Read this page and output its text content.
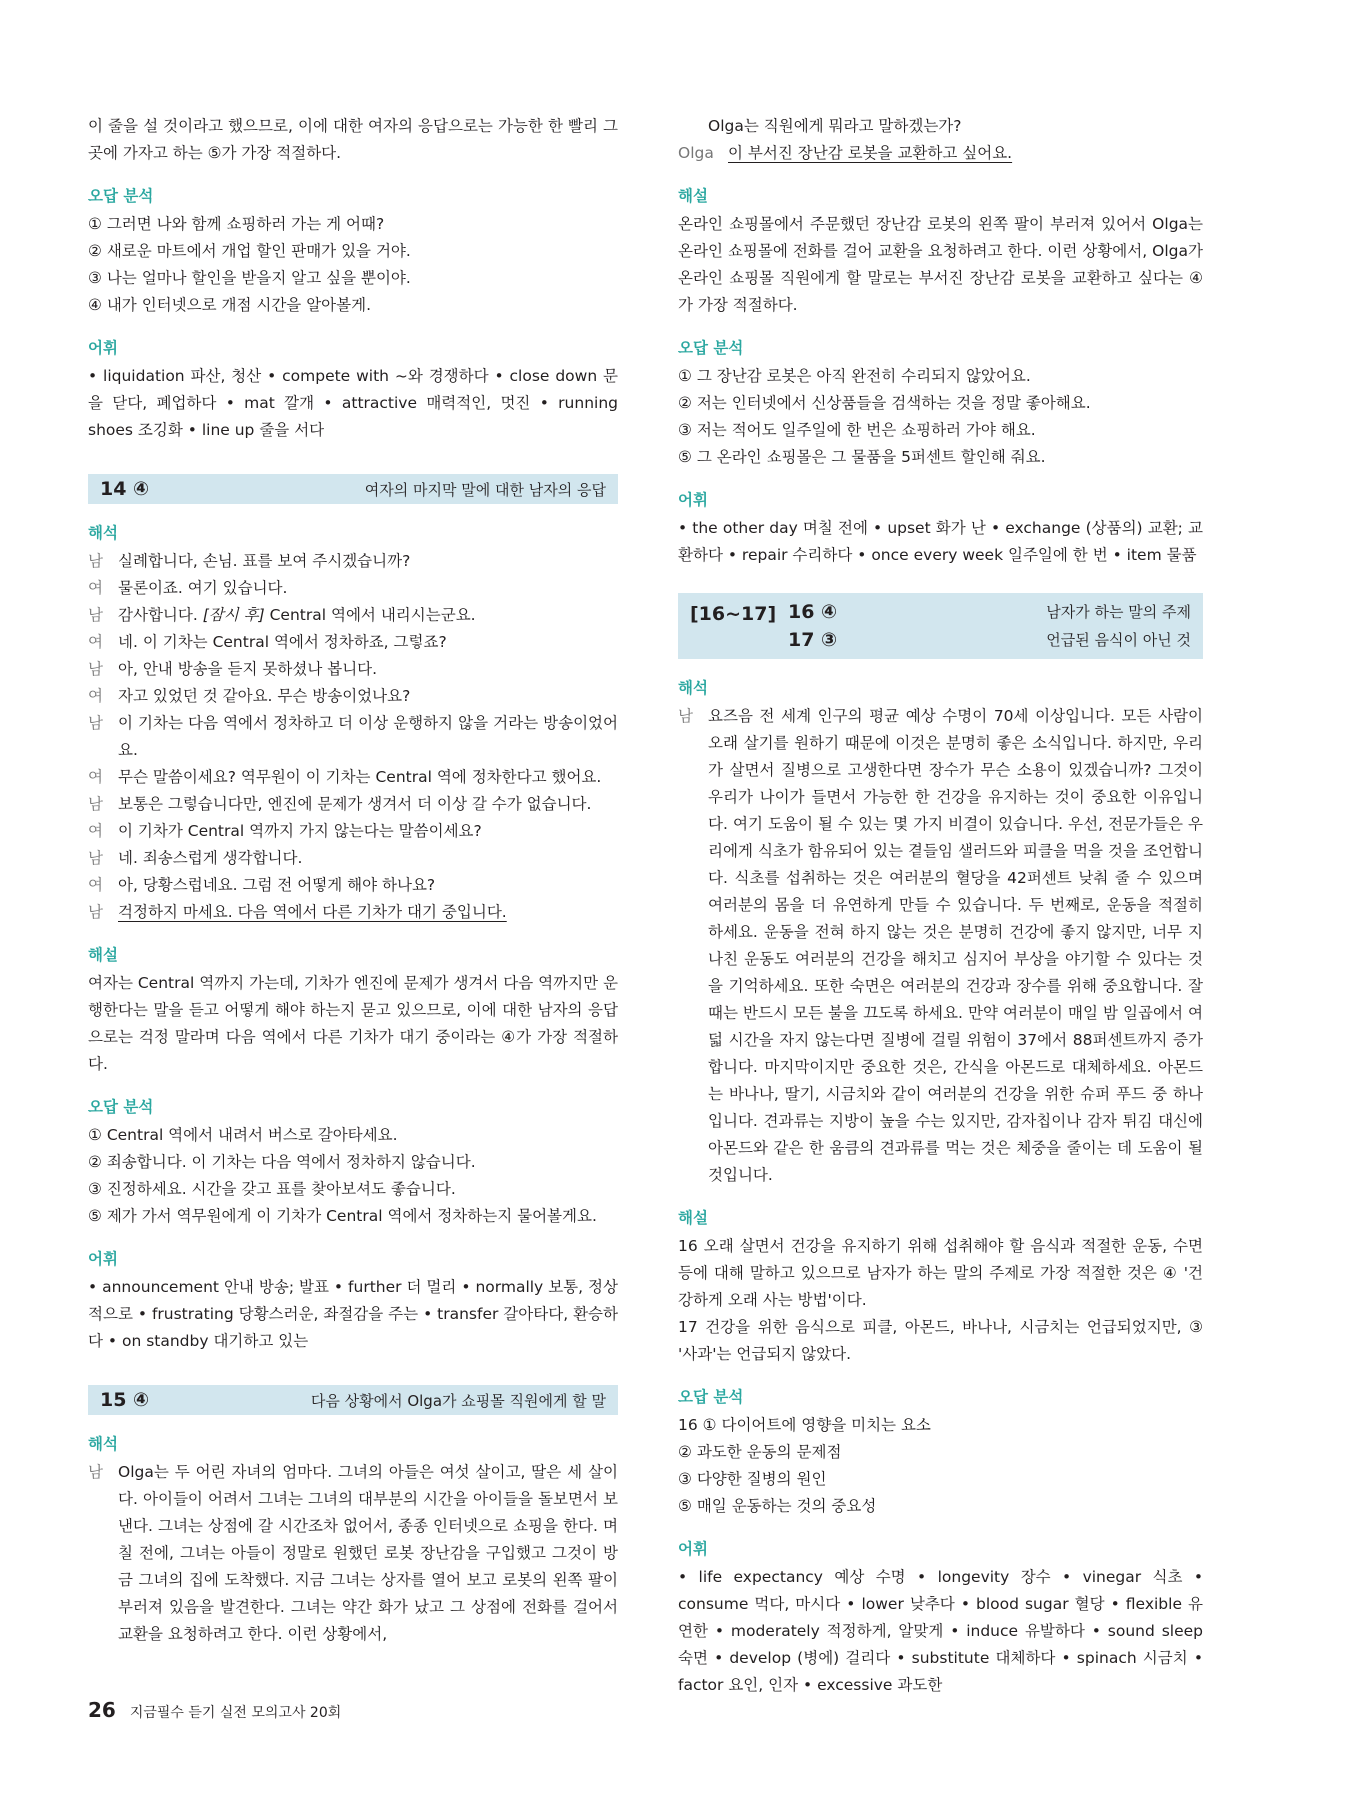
이 줄을 설 것이라고 했으므로, 이에 대한 여자의 응답으로는 가능한 한 빨리 그곳에 가자고 하는 ⑤가 가장 적절하다.

오답 분석

① 그러면 나와 함께 쇼핑하러 가는 게 어때?

② 새로운 마트에서 개업 할인 판매가 있을 거야.

③ 나는 얼마나 할인을 받을지 알고 싶을 뿐이야.

④ 내가 인터넷으로 개점 시간을 알아볼게.

어휘

• liquidation 파산, 청산 • compete with ~와 경쟁하다 • close down 문을 닫다, 폐업하다 • mat 깔개 • attractive 매력적인, 멋진 • running shoes 조깅화 • line up 줄을 서다

14 ④	여자의 마지막 말에 대한 남자의 응답
해석
남 실례합니다, 손님. 표를 보여 주시겠습니까?
여 물론이죠. 여기 있습니다.
남 감사합니다. [잠시 후] Central 역에서 내리시는군요.
여 네. 이 기차는 Central 역에서 정차하죠, 그렇죠?
남 아, 안내 방송을 듣지 못하셨나 봅니다.
여 자고 있었던 것 같아요. 무슨 방송이었나요?
남 이 기차는 다음 역에서 정차하고 더 이상 운행하지 않을 거라는 방송이었어요.
여 무슨 말씀이세요? 역무원이 이 기차는 Central 역에 정차한다고 했어요.
남 보통은 그렇습니다만, 엔진에 문제가 생겨서 더 이상 갈 수가 없습니다.
여 이 기차가 Central 역까지 가지 않는다는 말씀이세요?
남 네. 죄송스럽게 생각합니다.
여 아, 당황스럽네요. 그럼 전 어떻게 해야 하나요?
남 걱정하지 마세요. 다음 역에서 다른 기차가 대기 중입니다.
해설

여자는 Central 역까지 가는데, 기차가 엔진에 문제가 생겨서 다음 역까지만 운행한다는 말을 듣고 어떻게 해야 하는지 묻고 있으므로, 이에 대한 남자의 응답으로는 걱정 말라며 다음 역에서 다른 기차가 대기 중이라는 ④가 가장 적절하다.

오답 분석

① Central 역에서 내려서 버스로 갈아타세요.

② 죄송합니다. 이 기차는 다음 역에서 정차하지 않습니다.

③ 진정하세요. 시간을 갖고 표를 찾아보셔도 좋습니다.

⑤ 제가 가서 역무원에게 이 기차가 Central 역에서 정차하는지 물어볼게요.

어휘

• announcement 안내 방송; 발표 • further 더 멀리 • normally 보통, 정상적으로 • frustrating 당황스러운, 좌절감을 주는 • transfer 갈아타다, 환승하다 • on standby 대기하고 있는

15 ④	다음 상황에서 Olga가 쇼핑몰 직원에게 할 말
해석
남 Olga는 두 어린 자녀의 엄마다. 그녀의 아들은 여섯 살이고, 딸은 세 살이다. 아이들이 어려서 그녀는 그녀의 대부분의 시간을 아이들을 돌보면서 보낸다. 그녀는 상점에 갈 시간조차 없어서, 종종 인터넷으로 쇼핑을 한다. 며칠 전에, 그녀는 아들이 정말로 원했던 로봇 장난감을 구입했고 그것이 방금 그녀의 집에 도착했다. 지금 그녀는 상자를 열어 보고 로봇의 왼쪽 팔이 부러져 있음을 발견한다. 그녀는 약간 화가 났고 그 상점에 전화를 걸어서 교환을 요청하려고 한다. 이런 상황에서,
Olga는 직원에게 뭐라고 말하겠는가?
Olga 이 부서진 장난감 로봇을 교환하고 싶어요.
해설

온라인 쇼핑몰에서 주문했던 장난감 로봇의 왼쪽 팔이 부러져 있어서 Olga는 온라인 쇼핑몰에 전화를 걸어 교환을 요청하려고 한다. 이런 상황에서, Olga가 온라인 쇼핑몰 직원에게 할 말로는 부서진 장난감 로봇을 교환하고 싶다는 ④가 가장 적절하다.

오답 분석

① 그 장난감 로봇은 아직 완전히 수리되지 않았어요.

② 저는 인터넷에서 신상품들을 검색하는 것을 정말 좋아해요.

③ 저는 적어도 일주일에 한 번은 쇼핑하러 가야 해요.

⑤ 그 온라인 쇼핑몰은 그 물품을 5퍼센트 할인해 줘요.

어휘

• the other day 며칠 전에 • upset 화가 난 • exchange (상품의) 교환; 교환하다 • repair 수리하다 • once every week 일주일에 한 번 • item 물품

[16~17] 16 ④	남자가 하는 말의 주제
17 ③	언급된 음식이 아닌 것
해석
남 요즈음 전 세계 인구의 평균 예상 수명이 70세 이상입니다. 모든 사람이 오래 살기를 원하기 때문에 이것은 분명히 좋은 소식입니다. 하지만, 우리가 살면서 질병으로 고생한다면 장수가 무슨 소용이 있겠습니까? 그것이 우리가 나이가 들면서 가능한 한 건강을 유지하는 것이 중요한 이유입니다. 여기 도움이 될 수 있는 몇 가지 비결이 있습니다. 우선, 전문가들은 우리에게 식초가 함유되어 있는 곁들임 샐러드와 피클을 먹을 것을 조언합니다. 식초를 섭취하는 것은 여러분의 혈당을 42퍼센트 낮춰 줄 수 있으며 여러분의 몸을 더 유연하게 만들 수 있습니다. 두 번째로, 운동을 적절히 하세요. 운동을 전혀 하지 않는 것은 분명히 건강에 좋지 않지만, 너무 지나친 운동도 여러분의 건강을 해치고 심지어 부상을 야기할 수 있다는 것을 기억하세요. 또한 숙면은 여러분의 건강과 장수를 위해 중요합니다. 잘 때는 반드시 모든 불을 끄도록 하세요. 만약 여러분이 매일 밤 일곱에서 여덟 시간을 자지 않는다면 질병에 걸릴 위험이 37에서 88퍼센트까지 증가합니다. 마지막이지만 중요한 것은, 간식을 아몬드로 대체하세요. 아몬드는 바나나, 딸기, 시금치와 같이 여러분의 건강을 위한 슈퍼 푸드 중 하나입니다. 견과류는 지방이 높을 수는 있지만, 감자칩이나 감자 튀김 대신에 아몬드와 같은 한 움큼의 견과류를 먹는 것은 체중을 줄이는 데 도움이 될 것입니다.
해설

16 오래 살면서 건강을 유지하기 위해 섭취해야 할 음식과 적절한 운동, 수면 등에 대해 말하고 있으므로 남자가 하는 말의 주제로 가장 적절한 것은 ④ '건강하게 오래 사는 방법'이다.

17 건강을 위한 음식으로 피클, 아몬드, 바나나, 시금치는 언급되었지만, ③ '사과'는 언급되지 않았다.

오답 분석

16 ① 다이어트에 영향을 미치는 요소

② 과도한 운동의 문제점

③ 다양한 질병의 원인

⑤ 매일 운동하는 것의 중요성

어휘

• life expectancy 예상 수명 • longevity 장수 • vinegar 식초 • consume 먹다, 마시다 • lower 낮추다 • blood sugar 혈당 • flexible 유연한 • moderately 적정하게, 알맞게 • induce 유발하다 • sound sleep 숙면 • develop (병에) 걸리다 • substitute 대체하다 • spinach 시금치 • factor 요인, 인자 • excessive 과도한

26 지금필수 듣기 실전 모의고사 20회
